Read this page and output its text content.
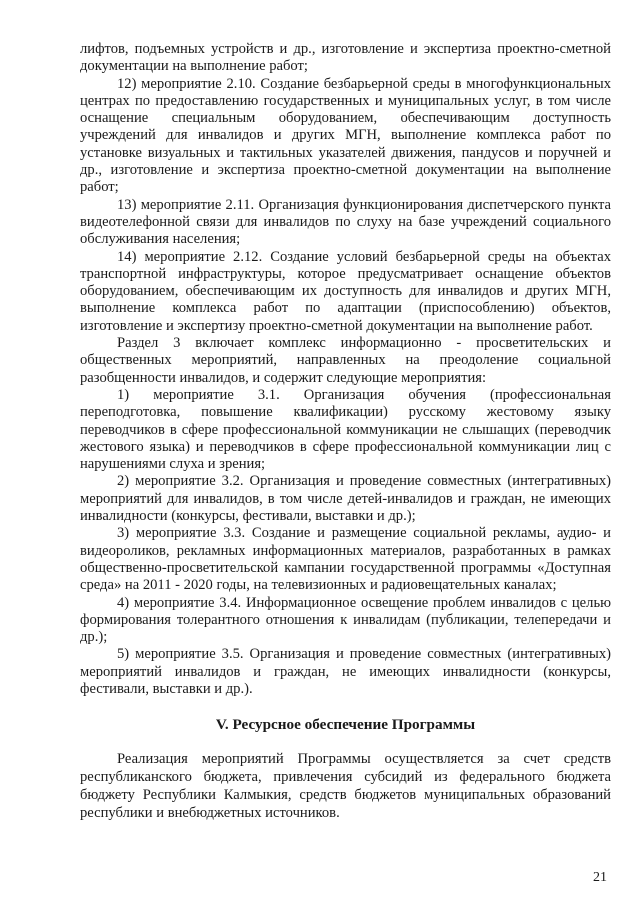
лифтов, подъемных устройств и др., изготовление и экспертиза проектно-сметной документации на выполнение работ;

12) мероприятие 2.10. Создание безбарьерной среды в многофункциональных центрах по предоставлению государственных и муниципальных услуг, в том числе оснащение специальным оборудованием, обеспечивающим доступность учреждений для инвалидов и других МГН, выполнение комплекса работ по установке визуальных и тактильных указателей движения, пандусов и поручней и др., изготовление и экспертиза проектно-сметной документации на выполнение работ;

13) мероприятие 2.11. Организация функционирования диспетчерского пункта видеотелефонной связи для инвалидов по слуху на базе учреждений социального обслуживания населения;

14) мероприятие 2.12. Создание условий безбарьерной среды на объектах транспортной инфраструктуры, которое предусматривает оснащение объектов оборудованием, обеспечивающим их доступность для инвалидов и других МГН, выполнение комплекса работ по адаптации (приспособлению) объектов, изготовление и экспертизу проектно-сметной документации на выполнение работ.

Раздел 3 включает комплекс информационно - просветительских и общественных мероприятий, направленных на преодоление социальной разобщенности инвалидов, и содержит следующие мероприятия:

1) мероприятие 3.1. Организация обучения (профессиональная переподготовка, повышение квалификации) русскому жестовому языку переводчиков в сфере профессиональной коммуникации не слышащих (переводчик жестового языка) и переводчиков в сфере профессиональной коммуникации лиц с нарушениями слуха и зрения;

2) мероприятие 3.2. Организация и проведение совместных (интегративных) мероприятий для инвалидов, в том числе детей-инвалидов и граждан, не имеющих инвалидности (конкурсы, фестивали, выставки и др.);

3) мероприятие 3.3. Создание и размещение социальной рекламы, аудио- и видеороликов, рекламных информационных материалов, разработанных в рамках общественно-просветительской кампании государственной программы «Доступная среда» на 2011 - 2020 годы, на телевизионных и радиовещательных каналах;

4) мероприятие 3.4. Информационное освещение проблем инвалидов с целью формирования толерантного отношения к инвалидам (публикации, телепередачи и др.);

5) мероприятие 3.5. Организация и проведение совместных (интегративных) мероприятий инвалидов и граждан, не имеющих инвалидности (конкурсы, фестивали, выставки и др.).

V. Ресурсное обеспечение Программы

Реализация мероприятий Программы осуществляется за счет средств республиканского бюджета, привлечения субсидий из федерального бюджета бюджету Республики Калмыкия, средств бюджетов муниципальных образований республики и внебюджетных источников.

21
